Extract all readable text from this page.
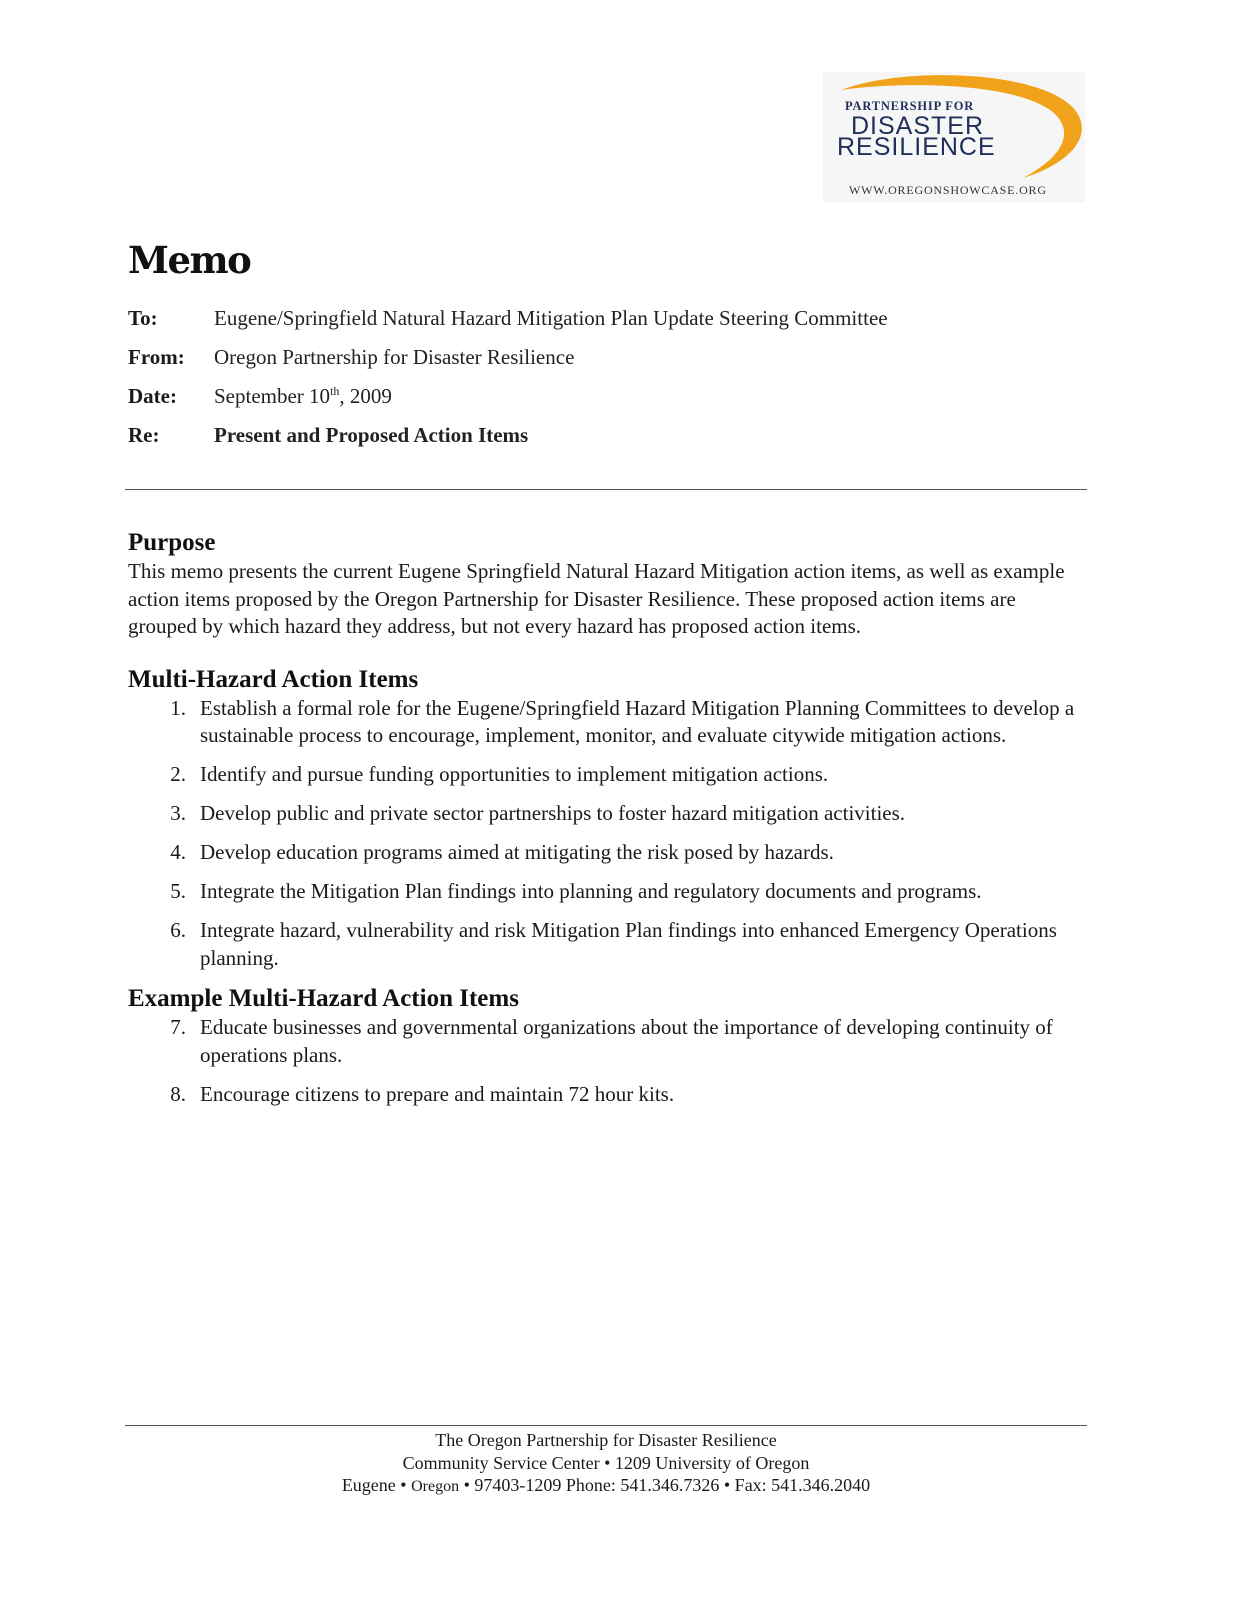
PARTNERSHIP FOR
DISASTER
RESILIENCE
WWW.OREGONSHOWCASE.ORG
Memo
To:	Eugene/Springfield Natural Hazard Mitigation Plan Update Steering Committee
From:	Oregon Partnership for Disaster Resilience
Date:	September 10th, 2009
Re:	Present and Proposed Action Items
Purpose

This memo presents the current Eugene Springfield Natural Hazard Mitigation action items, as well as example action items proposed by the Oregon Partnership for Disaster Resilience. These proposed action items are grouped by which hazard they address, but not every hazard has proposed action items.

Multi-Hazard Action Items
1. Establish a formal role for the Eugene/Springfield Hazard Mitigation Planning Committees to develop a sustainable process to encourage, implement, monitor, and evaluate citywide mitigation actions.
2. Identify and pursue funding opportunities to implement mitigation actions.
3. Develop public and private sector partnerships to foster hazard mitigation activities.
4. Develop education programs aimed at mitigating the risk posed by hazards.
5. Integrate the Mitigation Plan findings into planning and regulatory documents and programs.
6. Integrate hazard, vulnerability and risk Mitigation Plan findings into enhanced Emergency Operations planning.
Example Multi-Hazard Action Items
7. Educate businesses and governmental organizations about the importance of developing continuity of operations plans.
8. Encourage citizens to prepare and maintain 72 hour kits.
The Oregon Partnership for Disaster Resilience
Community Service Center • 1209 University of Oregon
Eugene • Oregon • 97403-1209 Phone: 541.346.7326 • Fax: 541.346.2040
